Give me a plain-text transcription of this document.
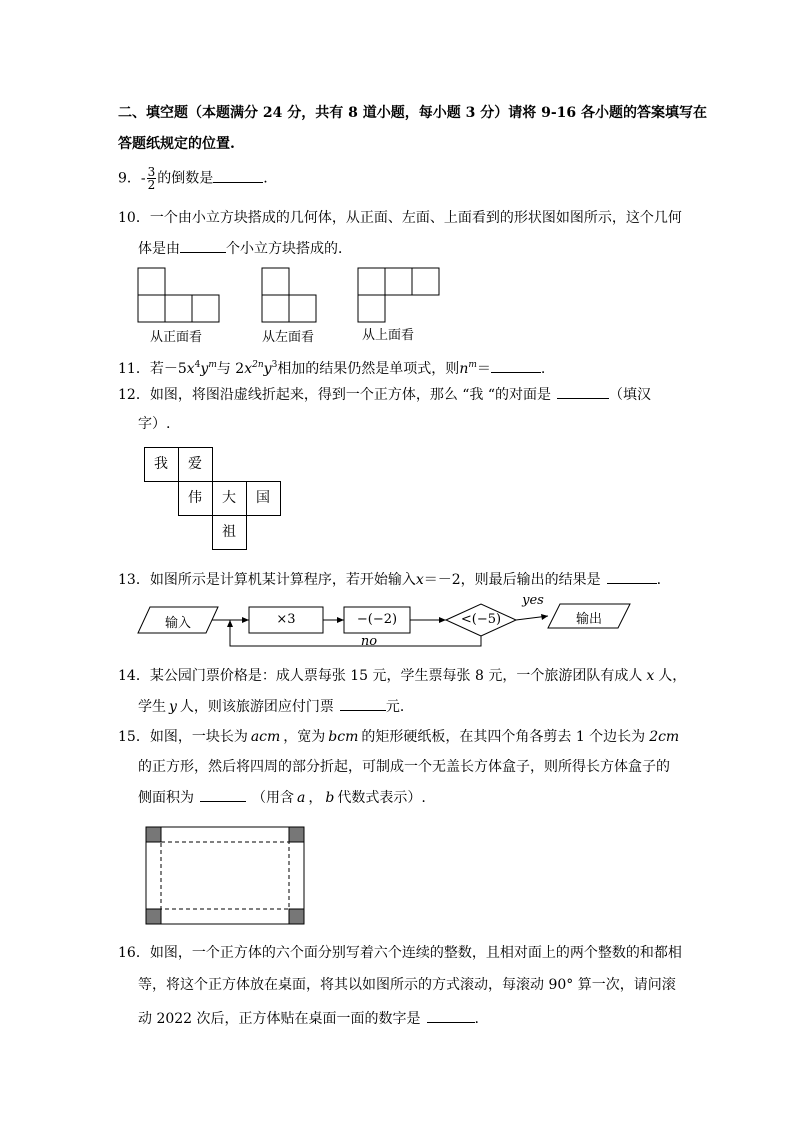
二、填空题（本题满分 24 分，共有 8 道小题，每小题 3 分）请将 9-16 各小题的答案填写在
答题纸规定的位置.
9．- $\frac{3}{2}$ 的倒数是	.
10．一个由小立方块搭成的几何体，从正面、左面、上面看到的形状图如图所示，这个几何
体是由	个小立方块搭成的．
从正面看	从左面看	从上面看
11．若$-5x^4y^m$与 $2x^{2n}y^3$相加的结果仍然是单项式，则$n^m=$	.
12．如图，将图沿虚线折起来，得到一个正方体，那么 “我 “的对面是	（填汉
字）.
我	爱
伟	大	国
祖
13．如图所示是计算机某计算程序，若开始输入x＝－2，则最后输出的结果是	.
输入	×3	−(−2)	<(−5)
yes
no
输出
14．某公园门票价格是：成人票每张 15 元，学生票每张 8 元，一个旅游团队有成人 x 人，
学生 y 人，则该旅游团应付门票	元．
15．如图，一块长为 acm ，宽为 bcm 的矩形硬纸板，在其四个角各剪去 1 个边长为 2cm
的正方形，然后将四周的部分折起，可制成一个无盖长方体盒子，则所得长方体盒子的
侧面积为	（用含 a ， b 代数式表示）.
16．如图，一个正方体的六个面分别写着六个连续的整数，且相对面上的两个整数的和都相
等，将这个正方体放在桌面，将其以如图所示的方式滚动，每滚动 90° 算一次，请问滚
动 2022 次后，正方体贴在桌面一面的数字是	.
